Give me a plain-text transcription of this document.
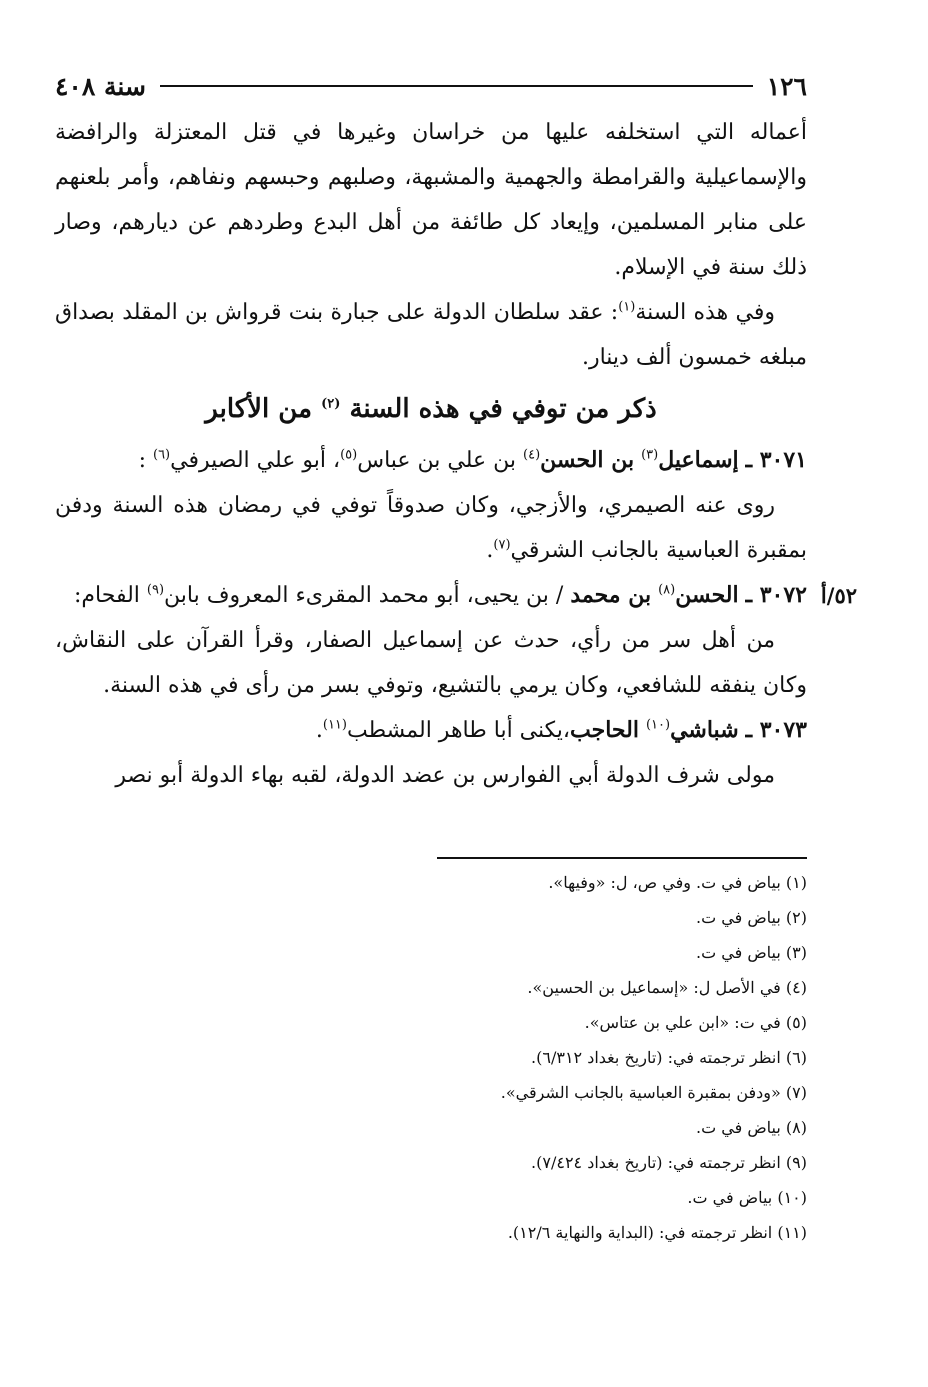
١٢٦
سنة ٤٠٨

أعماله التي استخلفه عليها من خراسان وغيرها في قتل المعتزلة والرافضة والإسماعيلية والقرامطة والجهمية والمشبهة، وصلبهم وحبسهم ونفاهم، وأمر بلعنهم على منابر المسلمين، وإيعاد كل طائفة من أهل البدع وطردهم عن ديارهم، وصار ذلك سنة في الإسلام.

وفي هذه السنة$^{(١)}$: عقد سلطان الدولة على جبارة بنت قرواش بن المقلد بصداق مبلغه خمسون ألف دينار.

ذكر من توفي في هذه السنة $^{(٢)}$ من الأكابر

٣٠٧١ ـ إسماعيل$^{(٣)}$ بن الحسن$^{(٤)}$ بن علي بن عباس$^{(٥)}$، أبو علي الصيرفي$^{(٦)}$ :

روى عنه الصيمري، والأزجي، وكان صدوقاً توفي في رمضان هذه السنة ودفن بمقبرة العباسية بالجانب الشرقي$^{(٧)}$.

٥٢/أ
٣٠٧٢ ـ الحسن$^{(٨)}$ بن محمد / بن يحيى، أبو محمد المقرىء المعروف بابن$^{(٩)}$ الفحام:

من أهل سر من رأي، حدث عن إسماعيل الصفار، وقرأ القرآن على النقاش، وكان ينفقه للشافعي، وكان يرمي بالتشيع، وتوفي بسر من رأى في هذه السنة.

٣٠٧٣ ـ شباشي$^{(١٠)}$ الحاجب،يكنى أبا طاهر المشطب$^{(١١)}$.

مولى شرف الدولة أبي الفوارس بن عضد الدولة، لقبه بهاء الدولة أبو نصر

(١) بياض في ت. وفي ص، ل: «وفيها».
(٢) بياض في ت.
(٣) بياض في ت.
(٤) في الأصل ل: «إسماعيل بن الحسين».
(٥) في ت: «ابن علي بن عتاس».
(٦) انظر ترجمته في: (تاريخ بغداد ٦/٣١٢).
(٧) «ودفن بمقبرة العباسية بالجانب الشرقي».
(٨) بياض في ت.
(٩) انظر ترجمته في: (تاريخ بغداد ٧/٤٢٤).
(١٠) بياض في ت.
(١١) انظر ترجمته في: (البداية والنهاية ١٢/٦).
